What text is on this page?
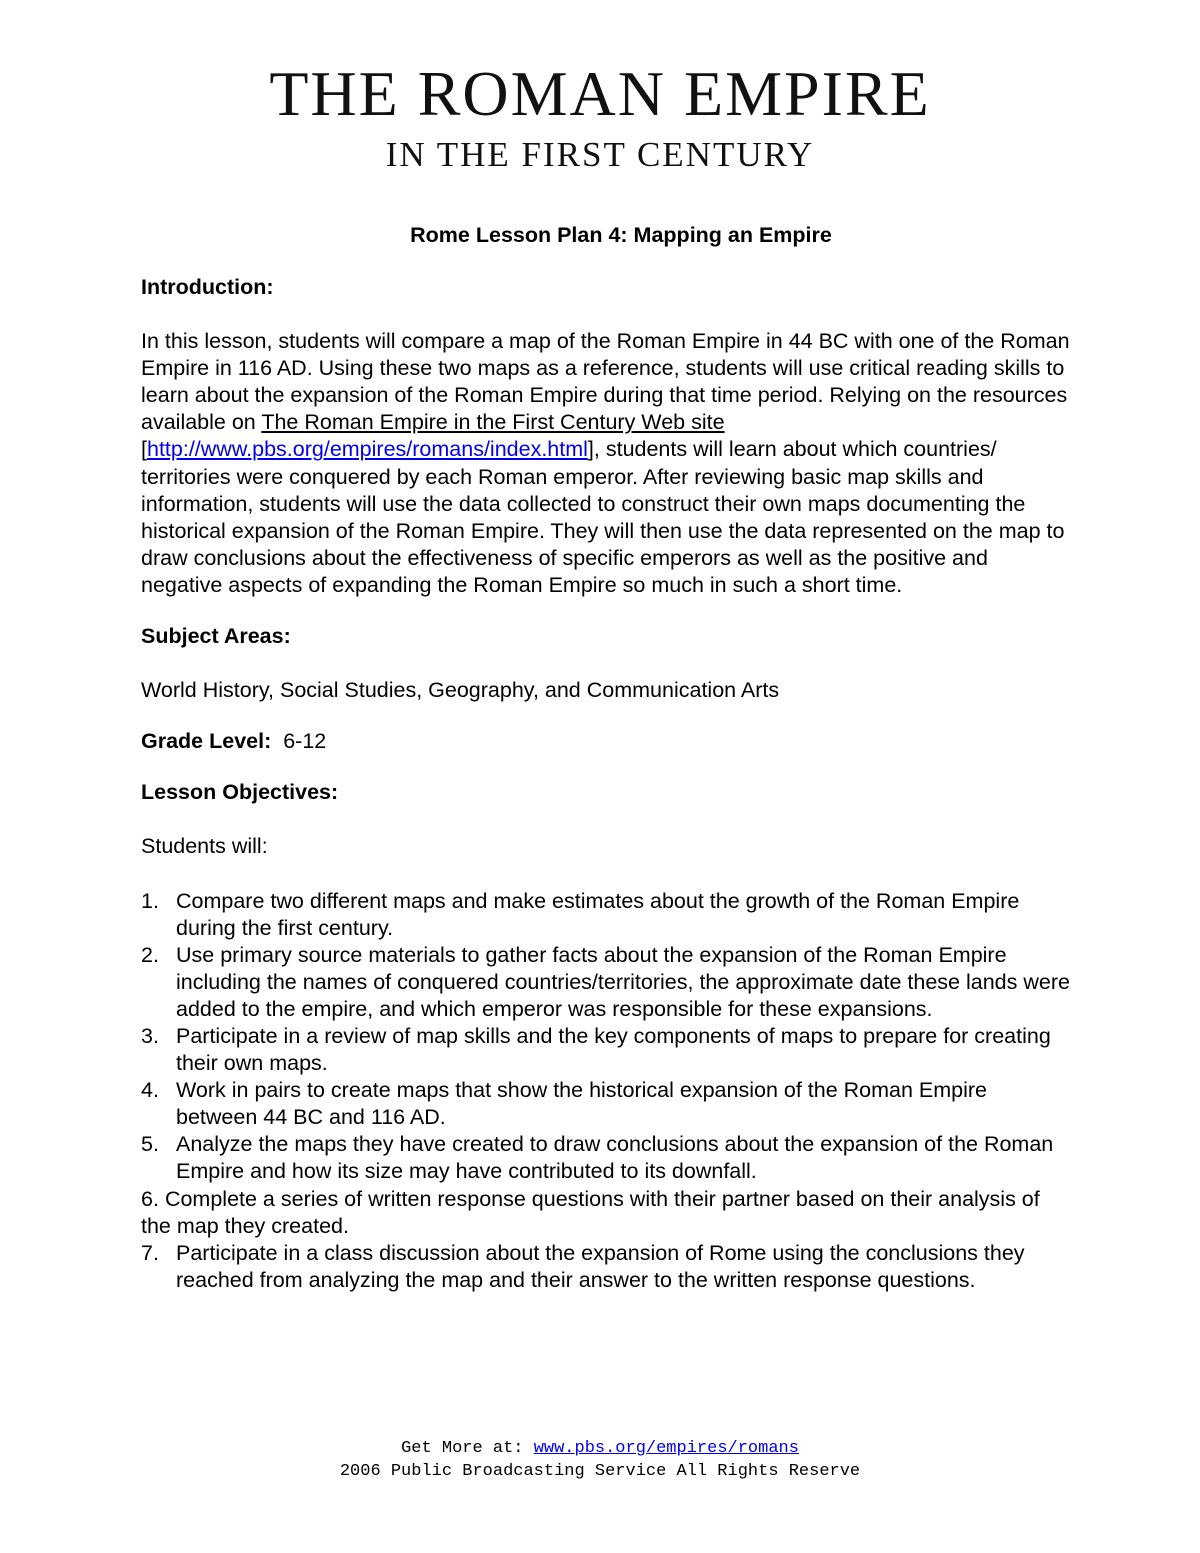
THE ROMAN EMPIRE
IN THE FIRST CENTURY

Rome Lesson Plan 4: Mapping an Empire

Introduction:

In this lesson, students will compare a map of the Roman Empire in 44 BC with one of the Roman Empire in 116 AD. Using these two maps as a reference, students will use critical reading skills to learn about the expansion of the Roman Empire during that time period. Relying on the resources available on The Roman Empire in the First Century Web site [http://www.pbs.org/empires/romans/index.html], students will learn about which countries/ territories were conquered by each Roman emperor. After reviewing basic map skills and information, students will use the data collected to construct their own maps documenting the historical expansion of the Roman Empire. They will then use the data represented on the map to draw conclusions about the effectiveness of specific emperors as well as the positive and negative aspects of expanding the Roman Empire so much in such a short time.

Subject Areas:

World History, Social Studies, Geography, and Communication Arts

Grade Level: 6-12

Lesson Objectives:

Students will:

1. Compare two different maps and make estimates about the growth of the Roman Empire during the first century.
2. Use primary source materials to gather facts about the expansion of the Roman Empire including the names of conquered countries/territories, the approximate date these lands were added to the empire, and which emperor was responsible for these expansions.
3. Participate in a review of map skills and the key components of maps to prepare for creating their own maps.
4. Work in pairs to create maps that show the historical expansion of the Roman Empire between 44 BC and 116 AD.
5. Analyze the maps they have created to draw conclusions about the expansion of the Roman Empire and how its size may have contributed to its downfall.
6. Complete a series of written response questions with their partner based on their analysis of the map they created.
7. Participate in a class discussion about the expansion of Rome using the conclusions they reached from analyzing the map and their answer to the written response questions.
Get More at: www.pbs.org/empires/romans
2006 Public Broadcasting Service All Rights Reserve
